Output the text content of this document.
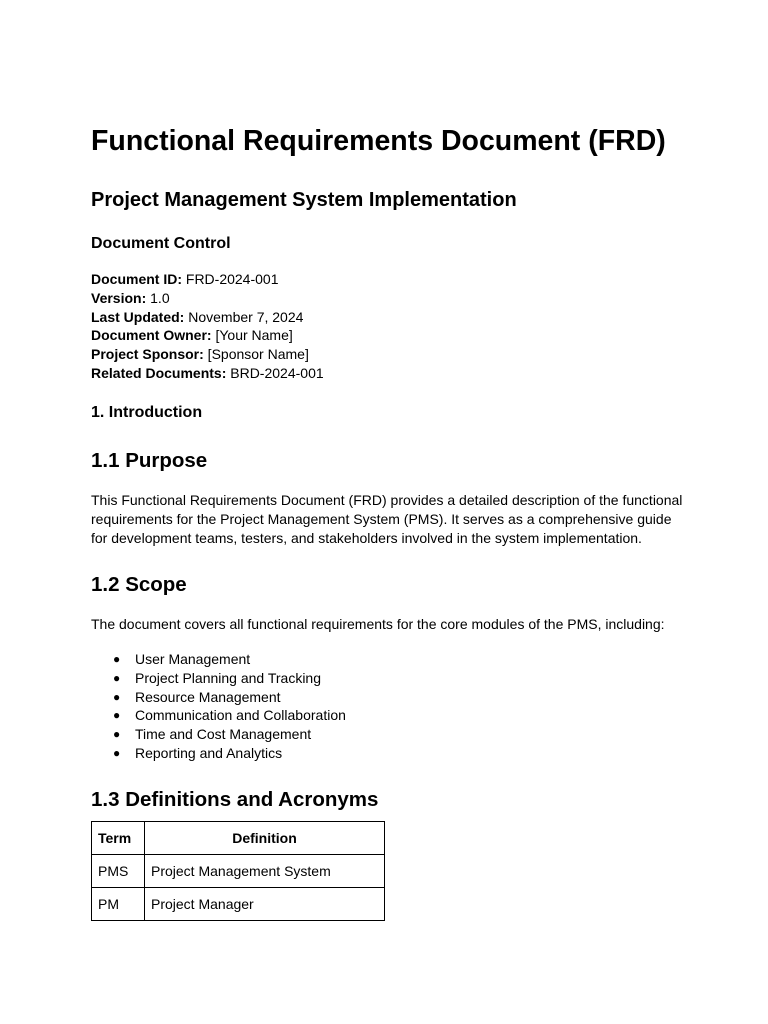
Functional Requirements Document (FRD)
Project Management System Implementation
Document Control
Document ID: FRD-2024-001
Version: 1.0
Last Updated: November 7, 2024
Document Owner: [Your Name]
Project Sponsor: [Sponsor Name]
Related Documents: BRD-2024-001
1. Introduction
1.1 Purpose

This Functional Requirements Document (FRD) provides a detailed description of the functional requirements for the Project Management System (PMS). It serves as a comprehensive guide for development teams, testers, and stakeholders involved in the system implementation.

1.2 Scope

The document covers all functional requirements for the core modules of the PMS, including:

● User Management
● Project Planning and Tracking
● Resource Management
● Communication and Collaboration
● Time and Cost Management
● Reporting and Analytics
1.3 Definitions and Acronyms
Term	Definition
PMS	Project Management System
PM	Project Manager
